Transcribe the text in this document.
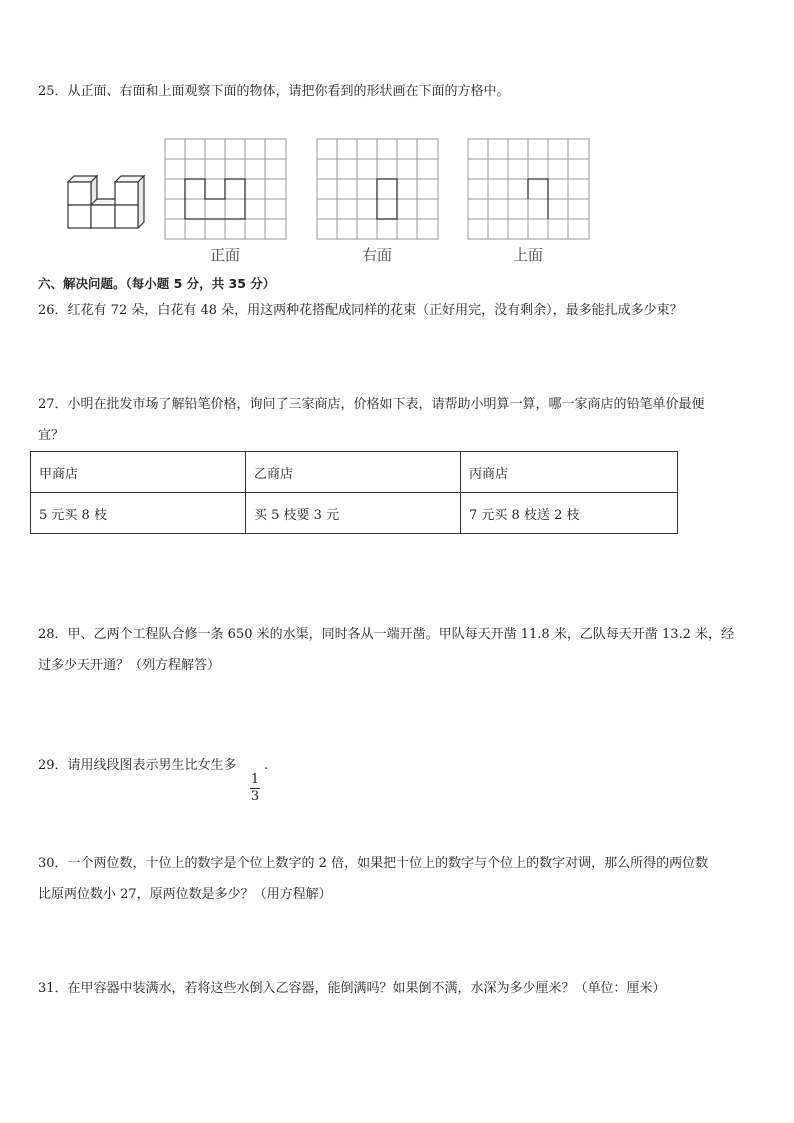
25．从正面、右面和上面观察下面的物体，请把你看到的形状画在下面的方格中。
正面	右面	上面
六、解决问题。（每小题 5 分，共 35 分）
26．红花有 72 朵，白花有 48 朵，用这两种花搭配成同样的花束（正好用完，没有剩余），最多能扎成多少束？
27．小明在批发市场了解铅笔价格，询问了三家商店，价格如下表，请帮助小明算一算，哪一家商店的铅笔单价最便
宜？
甲商店	乙商店	丙商店
5 元买 8 枝	买 5 枝要 3 元	7 元买 8 枝送 2 枝
28．甲、乙两个工程队合修一条 650 米的水渠，同时各从一端开凿。甲队每天开凿 11.8 米，乙队每天开凿 13.2 米，经
过多少天开通？（列方程解答）
29．请用线段图表示男生比女生多
1
3
.
30．一个两位数，十位上的数字是个位上数字的 2 倍，如果把十位上的数字与个位上的数字对调，那么所得的两位数
比原两位数小 27，原两位数是多少？（用方程解）
31．在甲容器中装满水，若将这些水倒入乙容器，能倒满吗？如果倒不满，水深为多少厘米？（单位：厘米）
